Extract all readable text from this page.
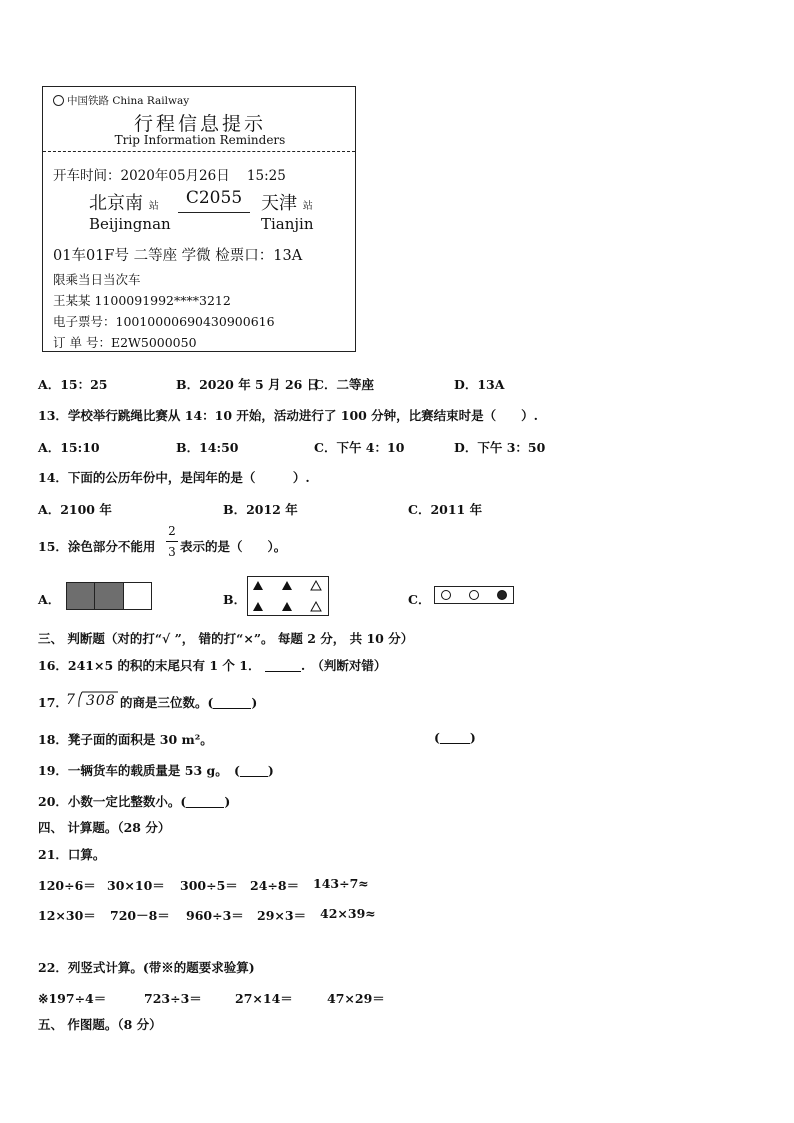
中国铁路 China Railway
行程信息提示
Trip Information Reminders
开车时间：2020年05月26日 15:25
北京南 站	C2055	天津 站
Beijingnan	Tianjin
01车01F号 二等座 学微 检票口：13A
限乘当日当次车
王某某 1100091992****3212
电子票号：10010000690430900616
订 单 号：E2W5000050
A．15：25	B．2020 年 5 月 26 日
C．二等座	D．13A
13．学校举行跳绳比赛从 14：10 开始，活动进行了 100 分钟，比赛结束时是（　　）.
A．15:10	B．14:50	C．下午 4：10	D．下午 3：50
14．下面的公历年份中，是闰年的是（　　　）.
A．2100 年	B．2012 年	C．2011 年
15．涂色部分不能用
2
3 表示的是（　　）。
A．	B．	C．
三、 判断题（对的打“√ ”， 错的打“×”。 每题 2 分， 共 10 分）
16．241×5 的积的末尾只有 1 个 1．	.　（判断对错）
17．
7 308 的商是三位数。(	)
18．凳子面的面积是 30 m²。	( )
19．一辆货车的载质量是 53 g。　( )
20．小数一定比整数小。(	)
四、 计算题。（28 分）
21．口算。
120÷6＝ 30×10＝ 300÷5＝ 24÷8＝ 143÷7≈
12×30＝ 720－8＝ 960÷3＝ 29×3＝ 42×39≈
22．列竖式计算。(带※的题要求验算)
※197÷4＝	723÷3＝	27×14＝	47×29＝
五、 作图题。（8 分）
